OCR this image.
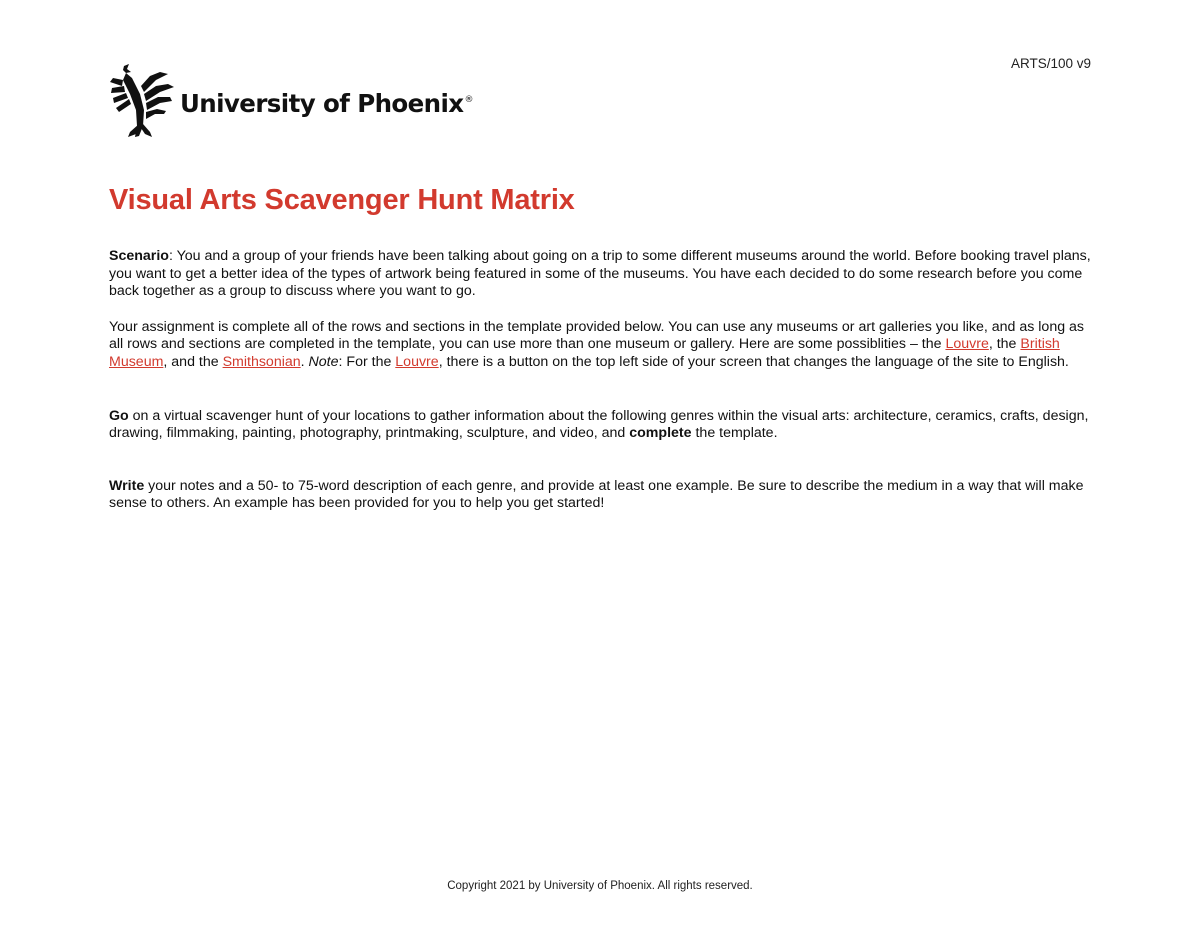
ARTS/100 v9
University of Phoenix®
Visual Arts Scavenger Hunt Matrix

Scenario: You and a group of your friends have been talking about going on a trip to some different museums around the world. Before booking travel plans, you want to get a better idea of the types of artwork being featured in some of the museums. You have each decided to do some research before you come back together as a group to discuss where you want to go.

Your assignment is complete all of the rows and sections in the template provided below. You can use any museums or art galleries you like, and as long as all rows and sections are completed in the template, you can use more than one museum or gallery. Here are some possiblities – the Louvre, the British Museum, and the Smithsonian. Note: For the Louvre, there is a button on the top left side of your screen that changes the language of the site to English.

Go on a virtual scavenger hunt of your locations to gather information about the following genres within the visual arts: architecture, ceramics, crafts, design, drawing, filmmaking, painting, photography, printmaking, sculpture, and video, and complete the template.

Write your notes and a 50- to 75-word description of each genre, and provide at least one example. Be sure to describe the medium in a way that will make sense to others. An example has been provided for you to help you get started!

Copyright 2021 by University of Phoenix. All rights reserved.
